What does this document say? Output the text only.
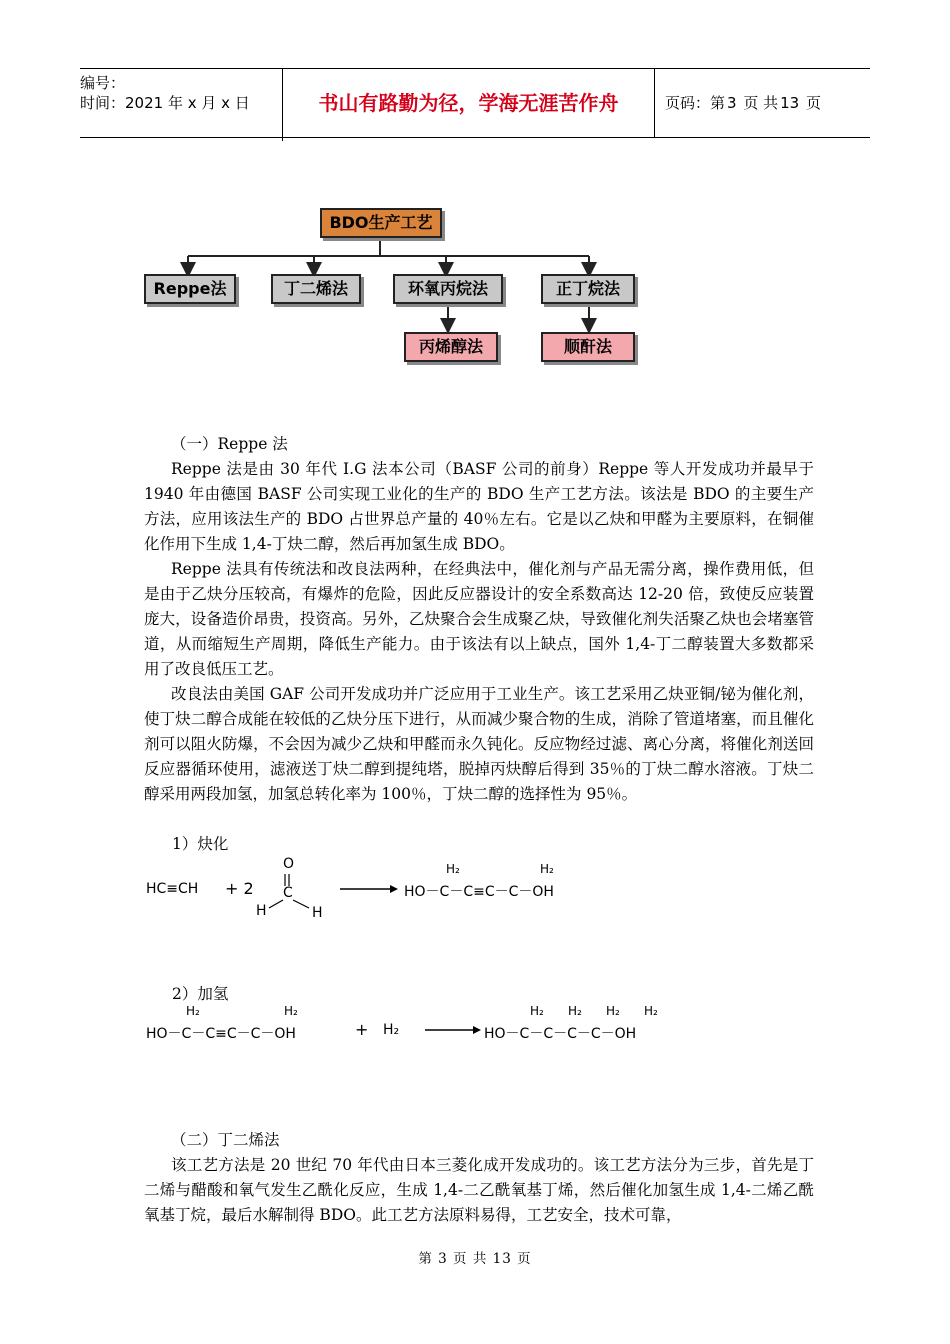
编号：
时间：2021 年 x 月 x 日	书山有路勤为径，学海无涯苦作舟	页码：第 3 页 共 13 页
BDO生产工艺
Reppe法	丁二烯法	环氧丙烷法	正丁烷法
丙烯醇法	顺酐法
（一）Reppe 法
Reppe 法是由 30 年代 I.G 法本公司（BASF 公司的前身）Reppe 等人开发成功并最早于 1940 年由德国 BASF 公司实现工业化的生产的 BDO 生产工艺方法。该法是 BDO 的主要生产方法，应用该法生产的 BDO 占世界总产量的 40％左右。它是以乙炔和甲醛为主要原料，在铜催化作用下生成 1,4-丁炔二醇，然后再加氢生成 BDO。
Reppe 法具有传统法和改良法两种，在经典法中，催化剂与产品无需分离，操作费用低，但是由于乙炔分压较高，有爆炸的危险，因此反应器设计的安全系数高达 12-20 倍，致使反应装置庞大，设备造价昂贵，投资高。另外，乙炔聚合会生成聚乙炔，导致催化剂失活聚乙炔也会堵塞管道，从而缩短生产周期，降低生产能力。由于该法有以上缺点，国外 1,4-丁二醇装置大多数都采用了改良低压工艺。
改良法由美国 GAF 公司开发成功并广泛应用于工业生产。该工艺采用乙炔亚铜/铋为催化剂，使丁炔二醇合成能在较低的乙炔分压下进行，从而减少聚合物的生成，消除了管道堵塞，而且催化剂可以阻火防爆，不会因为减少乙炔和甲醛而永久钝化。反应物经过滤、离心分离，将催化剂送回反应器循环使用，滤液送丁炔二醇到提纯塔，脱掉丙炔醇后得到 35％的丁炔二醇水溶液。丁炔二醇采用两段加氢，加氢总转化率为 100％，丁炔二醇的选择性为 95％。
1）炔化
HC≡CH + 2
O
C
H	H
→ HO－C－C≡C－C－OH
H₂	H₂
2）加氢
HO－C－C≡C－C－OH
H₂	H₂
+ H₂ → HO－C－C－C－C－OH
H₂ H₂ H₂ H₂
（二）丁二烯法
该工艺方法是 20 世纪 70 年代由日本三菱化成开发成功的。该工艺方法分为三步，首先是丁二烯与醋酸和氧气发生乙酰化反应，生成 1,4-二乙酰氧基丁烯，然后催化加氢生成 1,4-二烯乙酰氧基丁烷，最后水解制得 BDO。此工艺方法原料易得，工艺安全，技术可靠，
第 3 页 共 13 页
